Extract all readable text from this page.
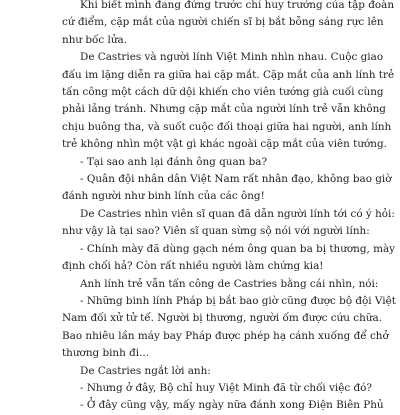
Khi biết mình đang đứng trước chỉ huy trưởng của tập đoàn
cứ điểm, cặp mắt của người chiến sĩ bị bắt bỗng sáng rực lên
như bốc lửa.
De Castries và người lính Việt Minh nhìn nhau. Cuộc giao
đấu im lặng diễn ra giữa hai cặp mắt. Cặp mắt của anh lính trẻ
tấn công một cách dữ dội khiến cho viên tướng già cuối cùng
phải lảng tránh. Nhưng cặp mắt của người lính trẻ vẫn không
chịu buông tha, và suốt cuộc đối thoại giữa hai người, anh lính
trẻ không nhìn một vật gì khác ngoài cặp mắt của viên tướng.
- Tại sao anh lại đánh ông quan ba?
- Quân đội nhân dân Việt Nam rất nhân đạo, không bao giờ
đánh người như binh lính của các ông!
De Castries nhìn viên sĩ quan đã dẫn người lính tới có ý hỏi:
như vậy là tại sao? Viên sĩ quan sừng sộ nói với người lính:
- Chính mày đã dùng gạch ném ông quan ba bị thương, mày
định chối hả? Còn rất nhiều người làm chứng kia!
Anh lính trẻ vẫn tấn công de Castries bằng cái nhìn, nói:
- Những binh lính Pháp bị bắt bao giờ cũng được bộ đội Việt
Nam đối xử tử tế. Người bị thương, người ốm được cứu chữa.
Bao nhiêu lần máy bay Pháp được phép hạ cánh xuống để chở
thương binh đi...
De Castries ngắt lời anh:
- Nhưng ở đây, Bộ chỉ huy Việt Minh đã từ chối việc đó?
- Ở đây cũng vậy, mấy ngày nữa đánh xong Điện Biên Phủ
